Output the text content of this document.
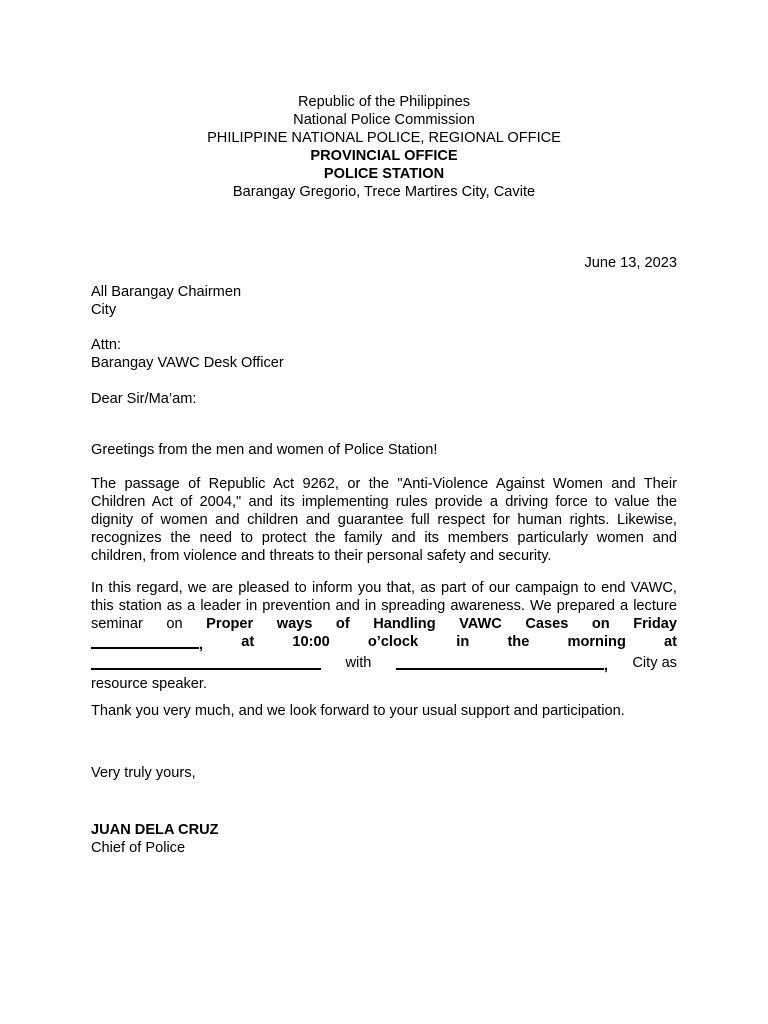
Republic of the Philippines
National Police Commission
PHILIPPINE NATIONAL POLICE, REGIONAL OFFICE
PROVINCIAL OFFICE
POLICE STATION
Barangay Gregorio, Trece Martires City, Cavite
June 13, 2023
All Barangay Chairmen
City
Attn:
Barangay VAWC Desk Officer
Dear Sir/Ma’am:
Greetings from the men and women of Police Station!
The passage of Republic Act 9262, or the "Anti-Violence Against Women and Their Children Act of 2004," and its implementing rules provide a driving force to value the dignity of women and children and guarantee full respect for human rights. Likewise, recognizes the need to protect the family and its members particularly women and children, from violence and threats to their personal safety and security.
In this regard, we are pleased to inform you that, as part of our campaign to end VAWC, this station as a leader in prevention and in spreading awareness. We prepared a lecture seminar on Proper ways of Handling VAWC Cases on Friday
,	at	10:00	o’clock	in	the	morning	at
with	, City as
resource speaker.
Thank you very much, and we look forward to your usual support and participation.
Very truly yours,
JUAN DELA CRUZ
Chief of Police
